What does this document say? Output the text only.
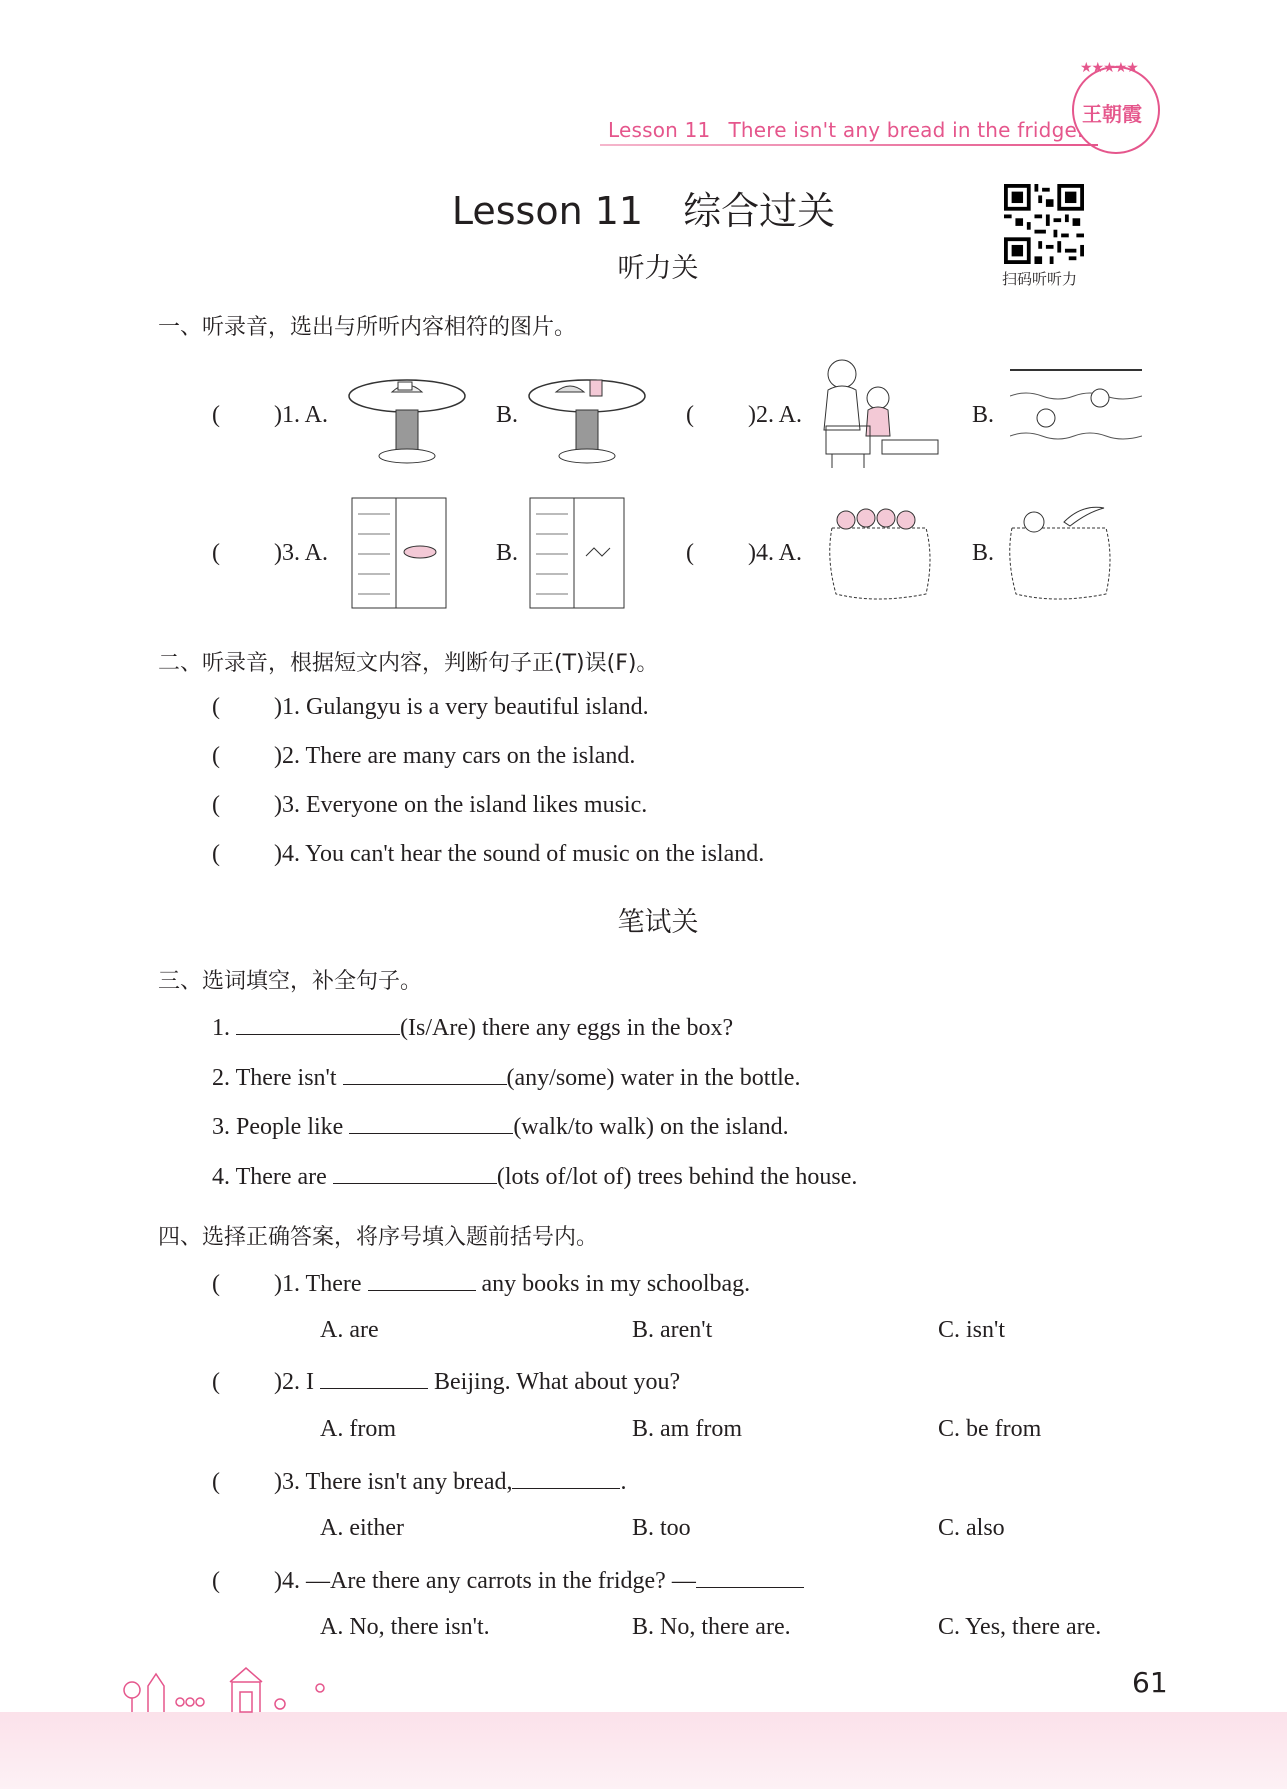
Lesson 11 There isn't any bread in the fridge.
★★★★★
王朝霞
Lesson 11 综合过关
扫码听听力
听力关
一、听录音，选出与所听内容相符的图片。
( )1. A.	B.	( )2. A.	B.
( )3. A.	B.	( )4. A.	B.
二、听录音，根据短文内容，判断句子正(T)误(F)。
( )1. Gulangyu is a very beautiful island.
( )2. There are many cars on the island.
( )3. Everyone on the island likes music.
( )4. You can't hear the sound of music on the island.
笔试关
三、选词填空，补全句子。
1.	(Is/Are) there any eggs in the box?
2. There isn't	(any/some) water in the bottle.
3. People like	(walk/to walk) on the island.
4. There are	(lots of/lot of) trees behind the house.
四、选择正确答案，将序号填入题前括号内。
( )1. There	any books in my schoolbag.
A. are	B. aren't	C. isn't
( )2. I	Beijing. What about you?
A. from	B. am from	C. be from
( )3. There isn't any bread,	.
A. either	B. too	C. also
( )4. —Are there any carrots in the fridge? —
A. No, there isn't.	B. No, there are.	C. Yes, there are.
61
